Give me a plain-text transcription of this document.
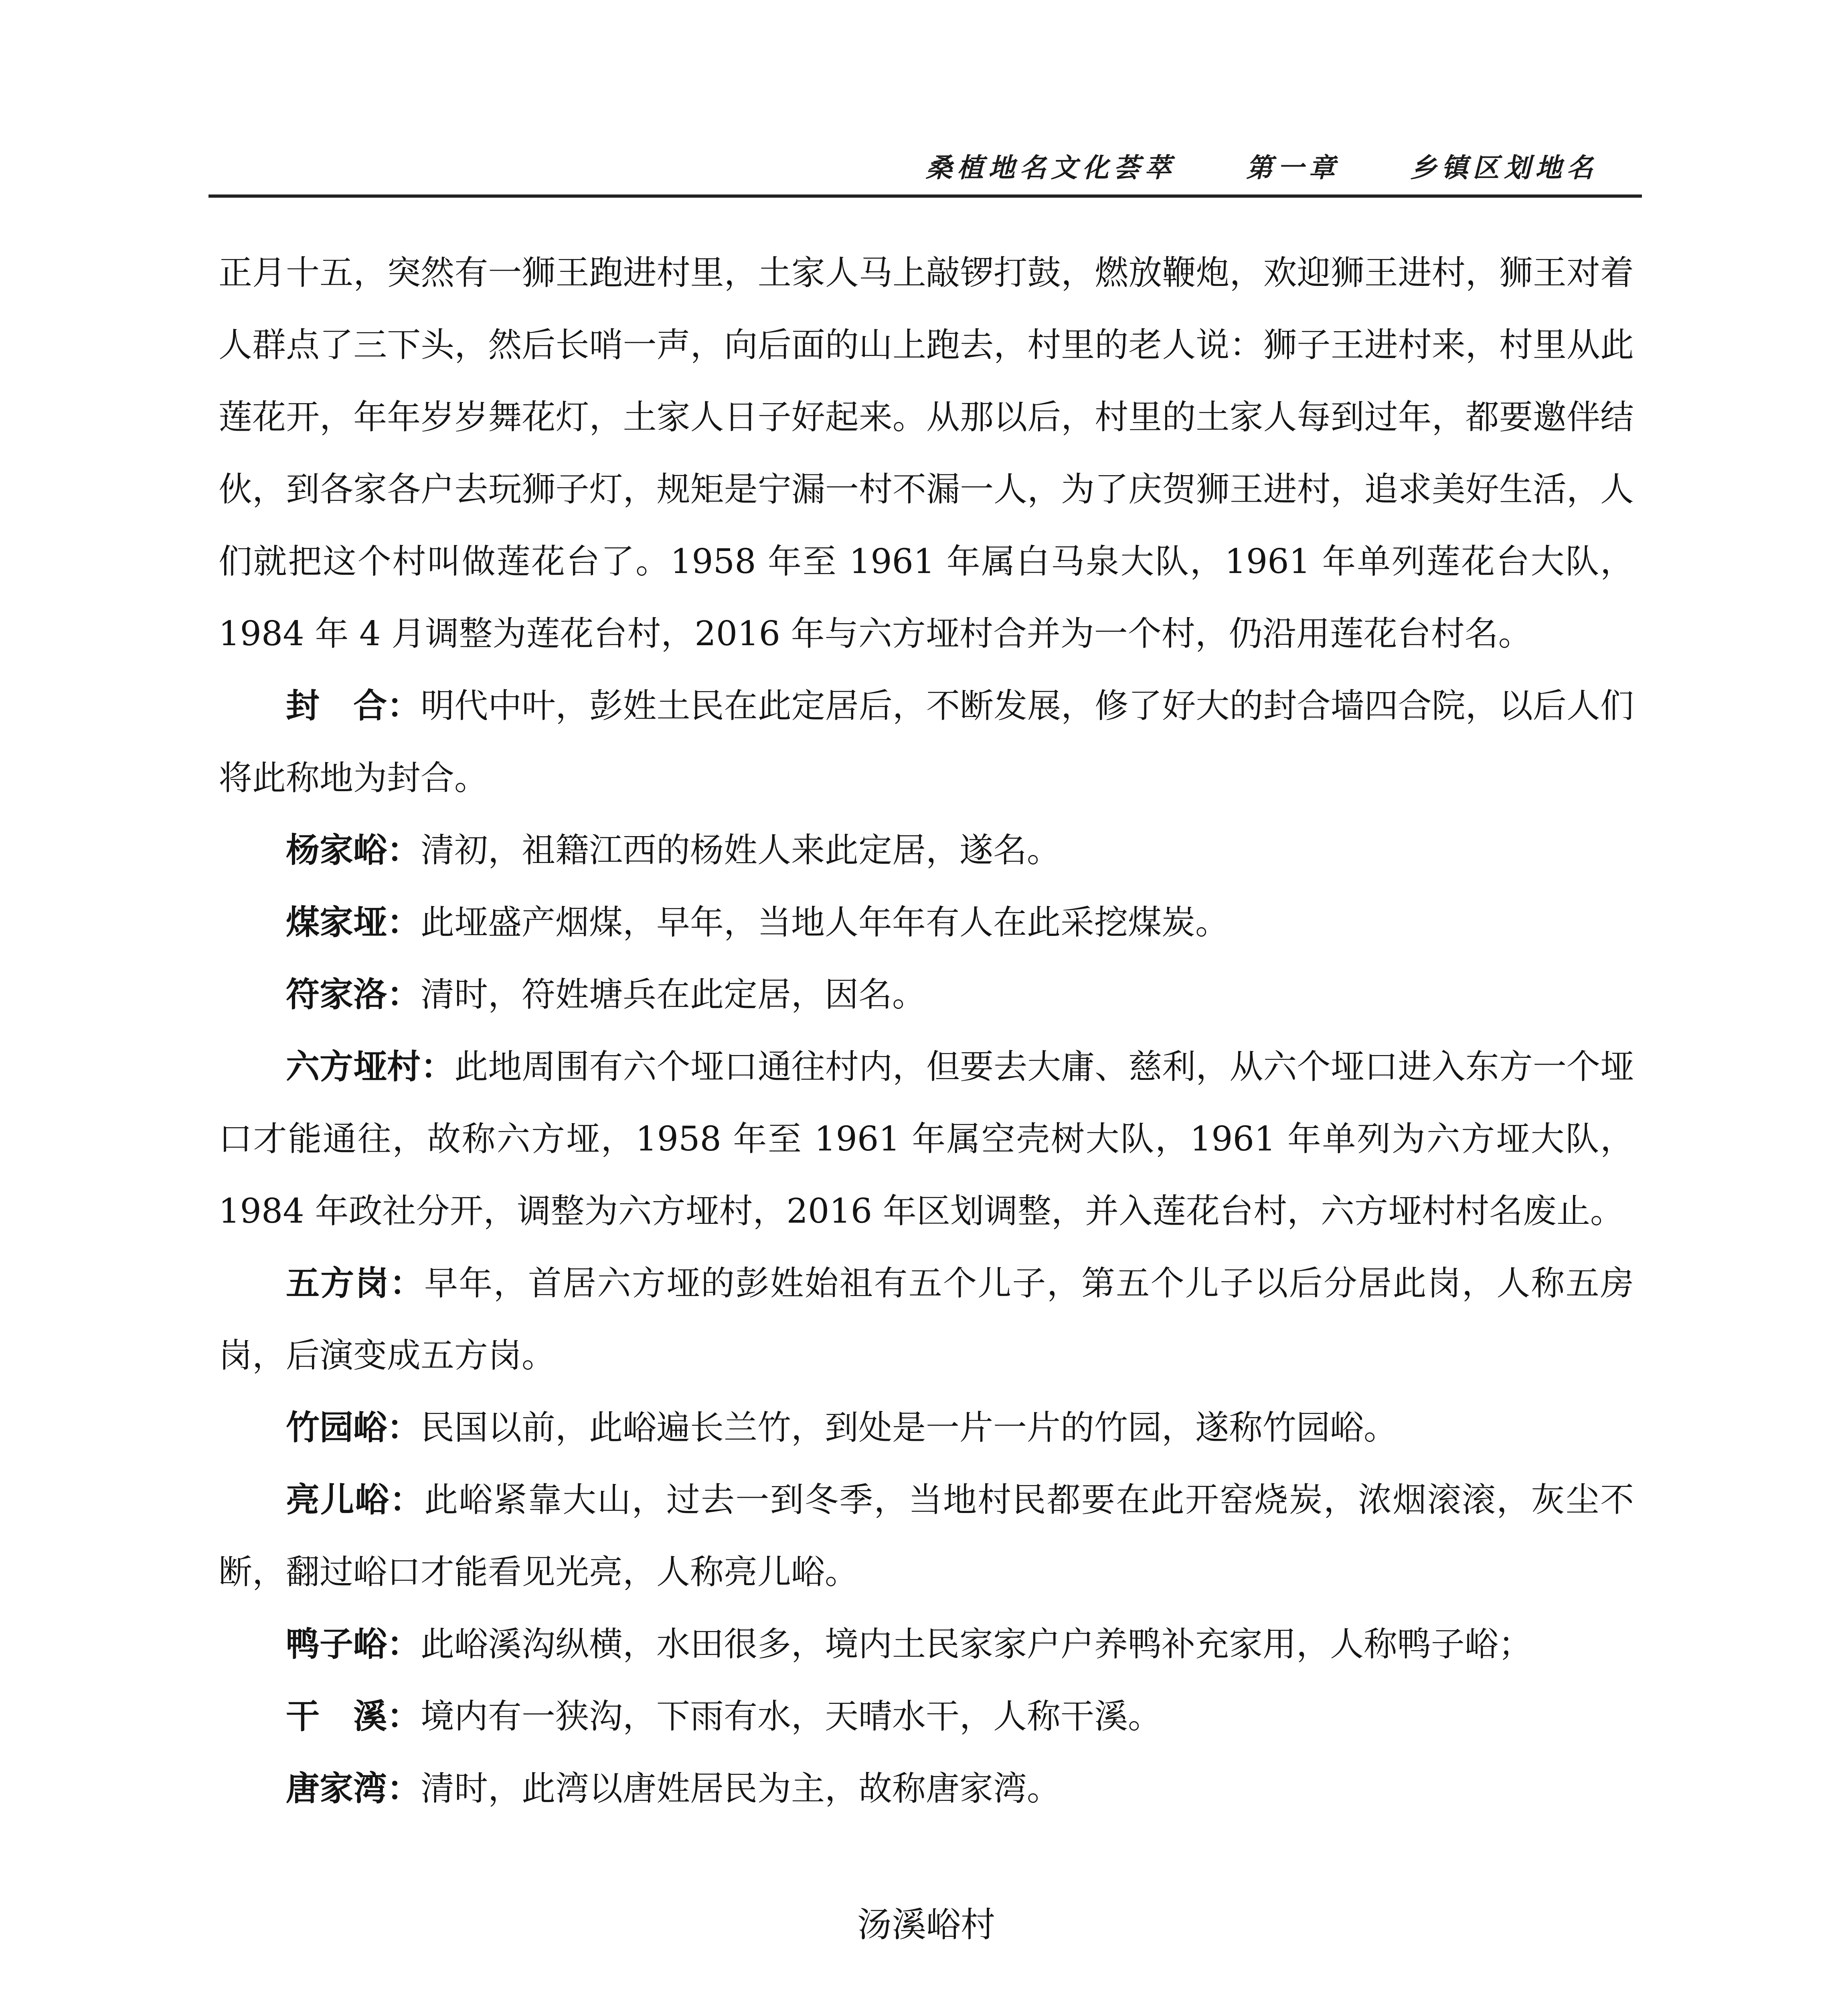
桑植地名文化荟萃	第一章	乡镇区划地名

正月十五，突然有一狮王跑进村里，土家人马上敲锣打鼓，燃放鞭炮，欢迎狮王进村，狮王对着人群点了三下头，然后长哨一声，向后面的山上跑去，村里的老人说：狮子王进村来，村里从此莲花开，年年岁岁舞花灯，土家人日子好起来。从那以后，村里的土家人每到过年，都要邀伴结伙，到各家各户去玩狮子灯，规矩是宁漏一村不漏一人，为了庆贺狮王进村，追求美好生活，人们就把这个村叫做莲花台了。1958 年至 1961 年属白马泉大队，1961 年单列莲花台大队，1984 年 4 月调整为莲花台村，2016 年与六方垭村合并为一个村，仍沿用莲花台村名。

封　合：明代中叶，彭姓土民在此定居后，不断发展，修了好大的封合墙四合院，以后人们将此称地为封合。

杨家峪：清初，祖籍江西的杨姓人来此定居，遂名。

煤家垭：此垭盛产烟煤，早年，当地人年年有人在此采挖煤炭。

符家洛：清时，符姓塘兵在此定居，因名。

六方垭村：此地周围有六个垭口通往村内，但要去大庸、慈利，从六个垭口进入东方一个垭口才能通往，故称六方垭，1958 年至 1961 年属空壳树大队，1961 年单列为六方垭大队，1984 年政社分开，调整为六方垭村，2016 年区划调整，并入莲花台村，六方垭村村名废止。

五方岗：早年，首居六方垭的彭姓始祖有五个儿子，第五个儿子以后分居此岗，人称五房岗，后演变成五方岗。

竹园峪：民国以前，此峪遍长兰竹，到处是一片一片的竹园，遂称竹园峪。

亮儿峪：此峪紧靠大山，过去一到冬季，当地村民都要在此开窑烧炭，浓烟滚滚，灰尘不断，翻过峪口才能看见光亮，人称亮儿峪。

鸭子峪：此峪溪沟纵横，水田很多，境内土民家家户户养鸭补充家用，人称鸭子峪；

干　溪：境内有一狭沟，下雨有水，天晴水干，人称干溪。

唐家湾：清时，此湾以唐姓居民为主，故称唐家湾。

汤溪峪村
